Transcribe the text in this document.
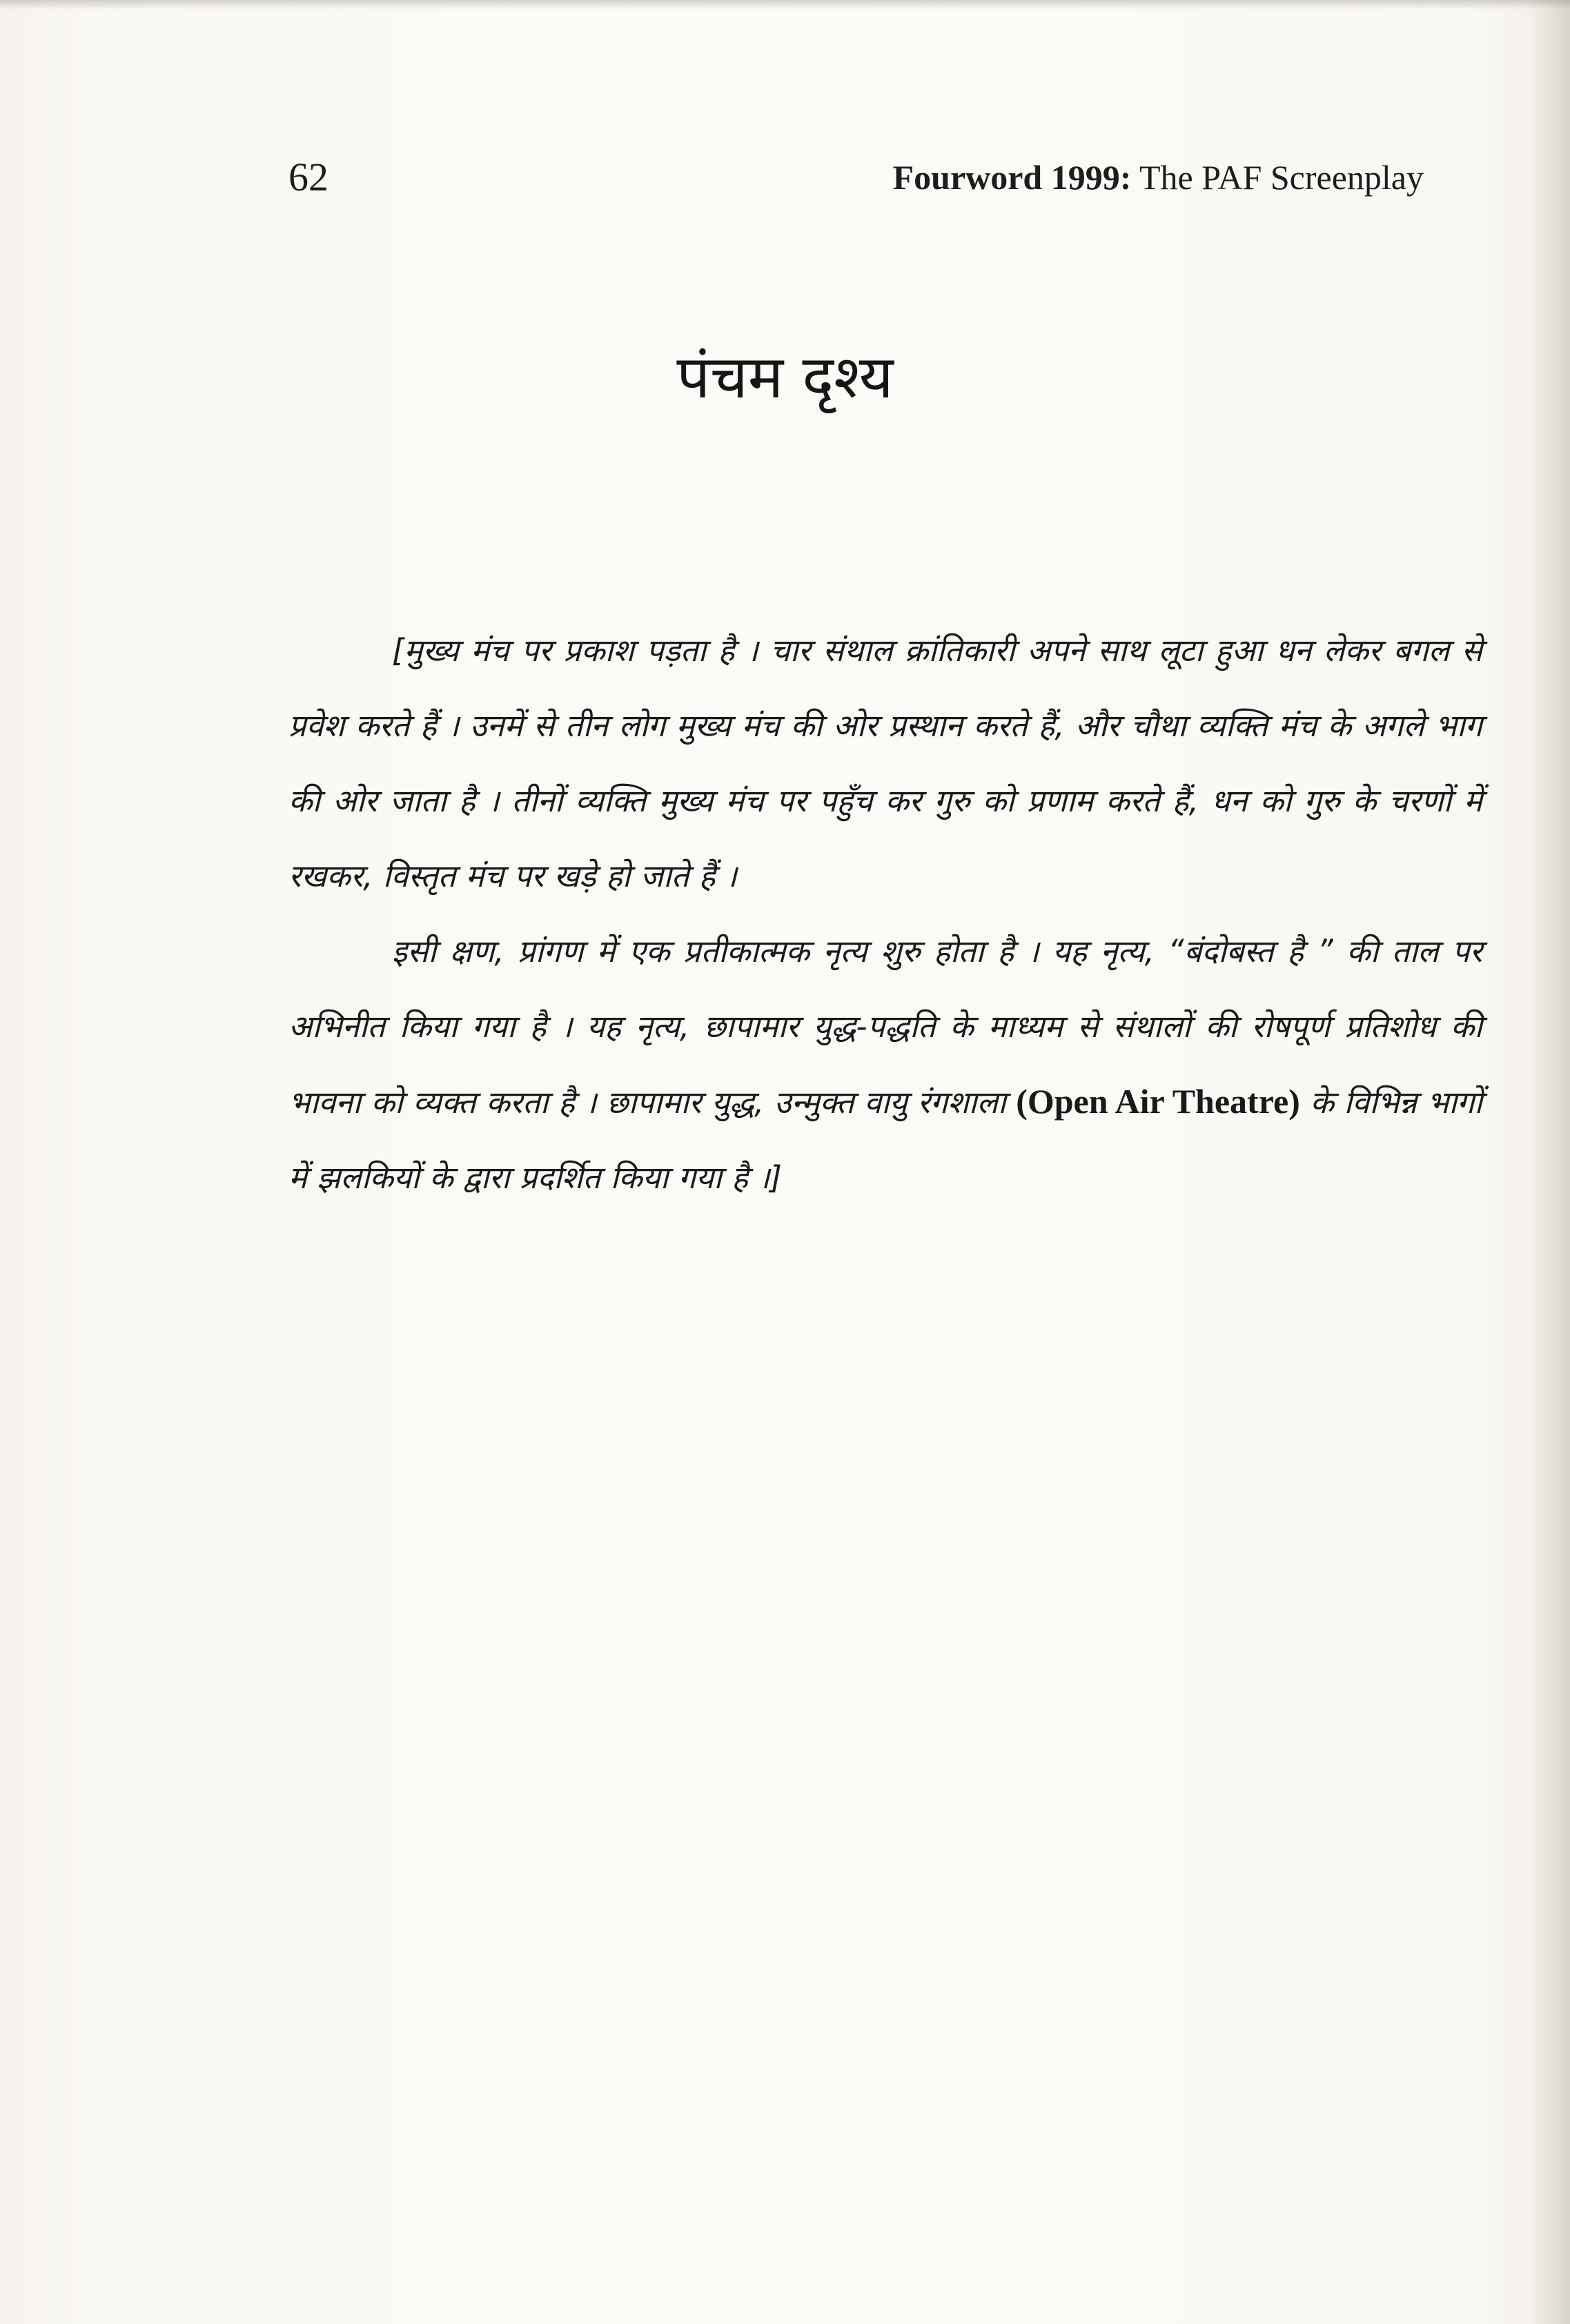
62	Fourword 1999: The PAF Screenplay
पंचम दृश्य

[मुख्य मंच पर प्रकाश पड़ता है । चार संथाल क्रांतिकारी अपने साथ लूटा हुआ धन लेकर बगल से प्रवेश करते हैं । उनमें से तीन लोग मुख्य मंच की ओर प्रस्थान करते हैं, और चौथा व्यक्ति मंच के अगले भाग की ओर जाता है । तीनों व्यक्ति मुख्य मंच पर पहुँच कर गुरु को प्रणाम करते हैं, धन को गुरु के चरणों में रखकर, विस्तृत मंच पर खड़े हो जाते हैं ।

इसी क्षण, प्रांगण में एक प्रतीकात्मक नृत्य शुरु होता है । यह नृत्य, “बंदोबस्त है ” की ताल पर अभिनीत किया गया है । यह नृत्य, छापामार युद्ध-पद्धति के माध्यम से संथालों की रोषपूर्ण प्रतिशोध की भावना को व्यक्त करता है । छापामार युद्ध, उन्मुक्त वायु रंगशाला (Open Air Theatre) के विभिन्न भागों में झलकियों के द्वारा प्रदर्शित किया गया है ।]
